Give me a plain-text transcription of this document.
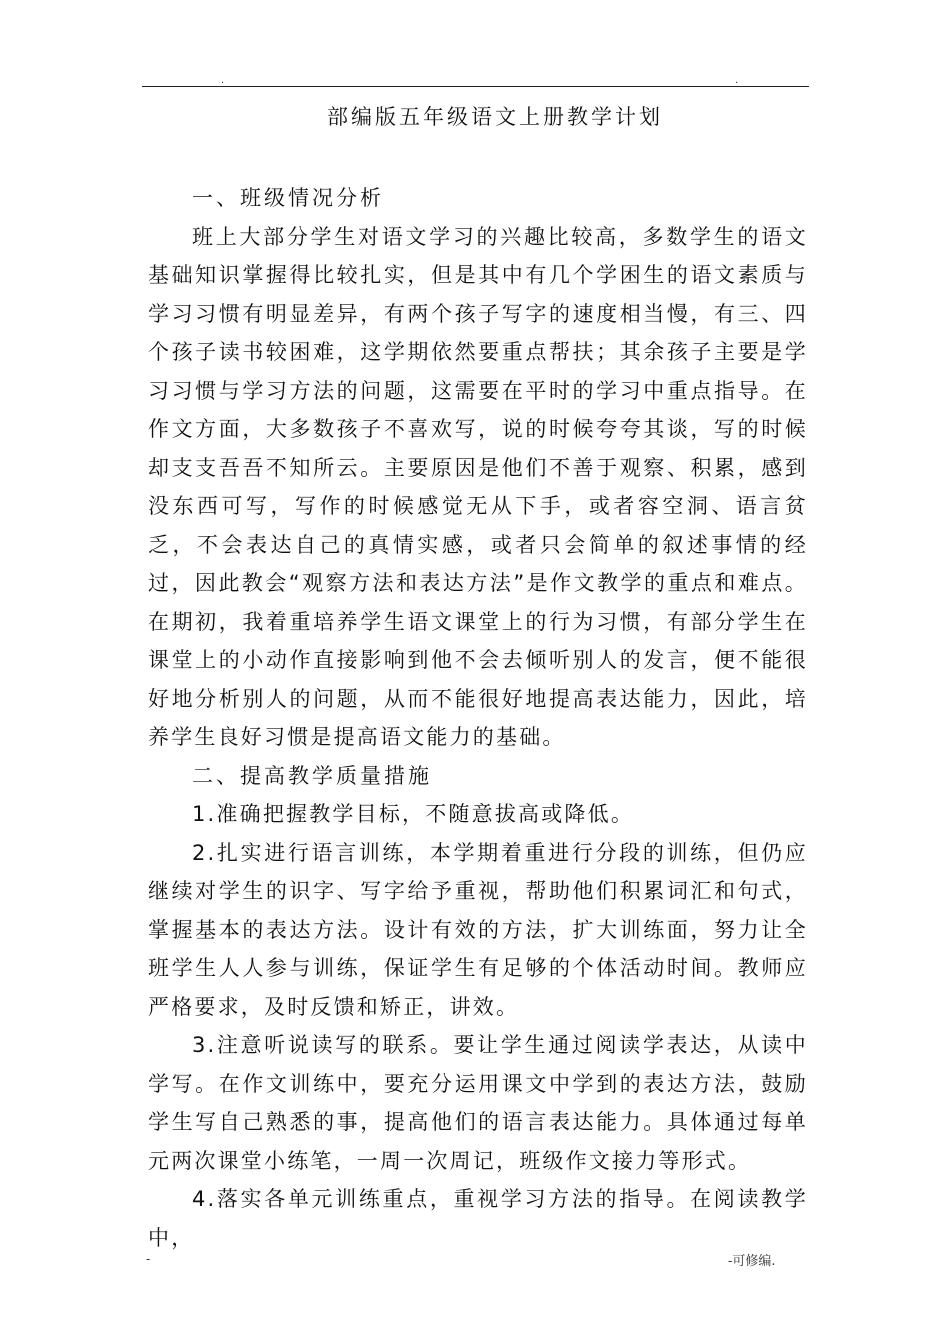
.	.
部编版五年级语文上册教学计划

一、班级情况分析

班上大部分学生对语文学习的兴趣比较高，多数学生的语文基础知识掌握得比较扎实，但是其中有几个学困生的语文素质与学习习惯有明显差异，有两个孩子写字的速度相当慢，有三、四个孩子读书较困难，这学期依然要重点帮扶；其余孩子主要是学习习惯与学习方法的问题，这需要在平时的学习中重点指导。在作文方面，大多数孩子不喜欢写，说的时候夸夸其谈，写的时候却支支吾吾不知所云。主要原因是他们不善于观察、积累，感到没东西可写，写作的时候感觉无从下手，或者容空洞、语言贫乏，不会表达自己的真情实感，或者只会简单的叙述事情的经过，因此教会“观察方法和表达方法”是作文教学的重点和难点。在期初，我着重培养学生语文课堂上的行为习惯，有部分学生在课堂上的小动作直接影响到他不会去倾听别人的发言，便不能很好地分析别人的问题，从而不能很好地提高表达能力，因此，培养学生良好习惯是提高语文能力的基础。

二、提高教学质量措施

1.准确把握教学目标，不随意拔高或降低。

2.扎实进行语言训练，本学期着重进行分段的训练，但仍应继续对学生的识字、写字给予重视，帮助他们积累词汇和句式，掌握基本的表达方法。设计有效的方法，扩大训练面，努力让全班学生人人参与训练，保证学生有足够的个体活动时间。教师应严格要求，及时反馈和矫正，讲效。

3.注意听说读写的联系。要让学生通过阅读学表达，从读中学写。在作文训练中，要充分运用课文中学到的表达方法，鼓励学生写自己熟悉的事，提高他们的语言表达能力。具体通过每单元两次课堂小练笔，一周一次周记，班级作文接力等形式。

4.落实各单元训练重点，重视学习方法的指导。在阅读教学中，

-	-可修编.
